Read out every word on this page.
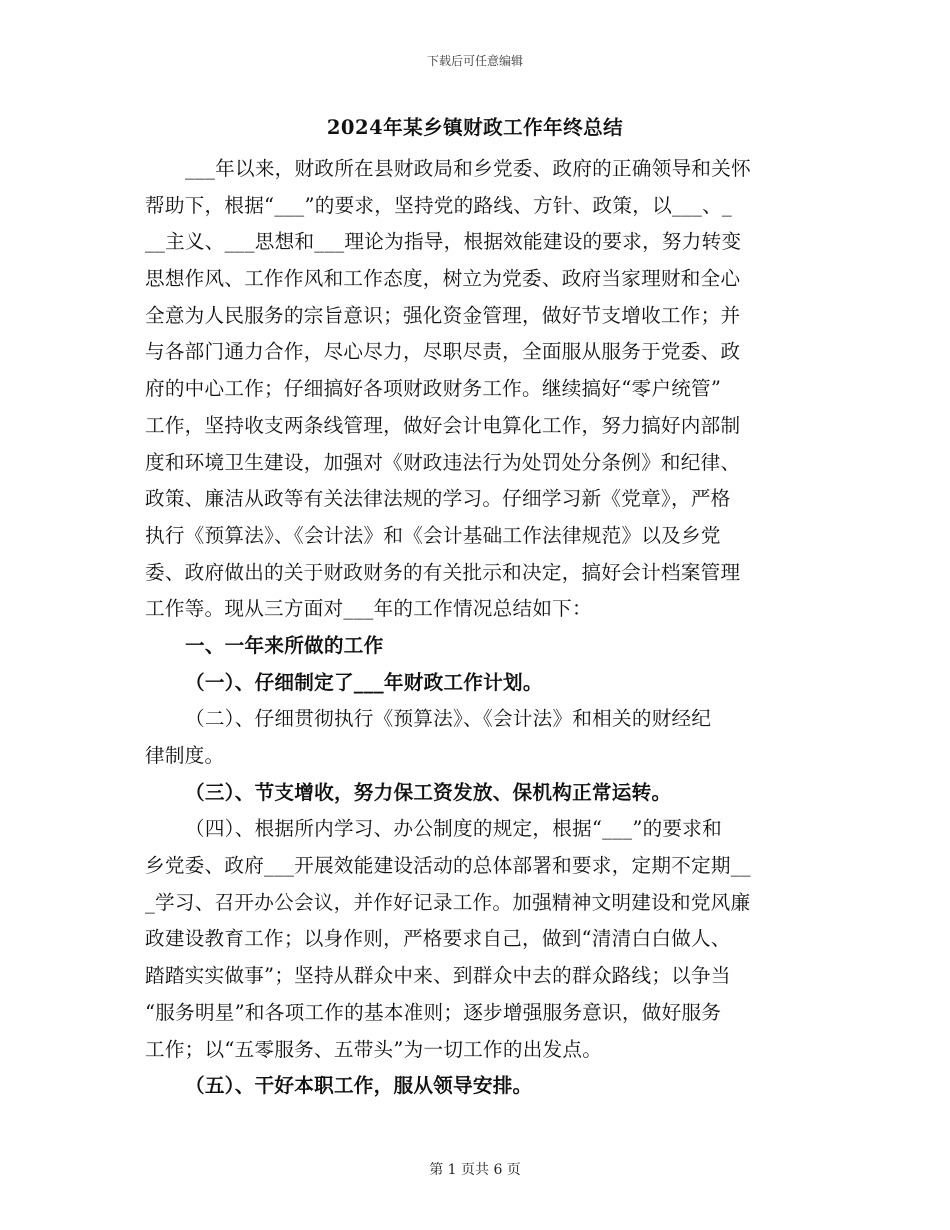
下载后可任意编辑
2024年某乡镇财政工作年终总结
___年以来，财政所在县财政局和乡党委、政府的正确领导和关怀
帮助下，根据“___”的要求，坚持党的路线、方针、政策，以___、_
__主义、___思想和___理论为指导，根据效能建设的要求，努力转变
思想作风、工作作风和工作态度，树立为党委、政府当家理财和全心
全意为人民服务的宗旨意识；强化资金管理，做好节支增收工作；并
与各部门通力合作，尽心尽力，尽职尽责，全面服从服务于党委、政
府的中心工作；仔细搞好各项财政财务工作。继续搞好“零户统管”
工作，坚持收支两条线管理，做好会计电算化工作，努力搞好内部制
度和环境卫生建设，加强对《财政违法行为处罚处分条例》和纪律、
政策、廉洁从政等有关法律法规的学习。仔细学习新《党章》，严格
执行《预算法》、《会计法》和《会计基础工作法律规范》以及乡党
委、政府做出的关于财政财务的有关批示和决定，搞好会计档案管理
工作等。现从三方面对___年的工作情况总结如下：
一、一年来所做的工作
（一）、仔细制定了___年财政工作计划。
（二）、仔细贯彻执行《预算法》、《会计法》和相关的财经纪
律制度。
（三）、节支增收，努力保工资发放、保机构正常运转。
（四）、根据所内学习、办公制度的规定，根据“___”的要求和
乡党委、政府___开展效能建设活动的总体部署和要求，定期不定期__
_学习、召开办公会议，并作好记录工作。加强精神文明建设和党风廉
政建设教育工作；以身作则，严格要求自己，做到“清清白白做人、
踏踏实实做事”；坚持从群众中来、到群众中去的群众路线；以争当
“服务明星”和各项工作的基本准则；逐步增强服务意识，做好服务
工作；以“五零服务、五带头”为一切工作的出发点。
（五）、干好本职工作，服从领导安排。
第 1 页共 6 页
